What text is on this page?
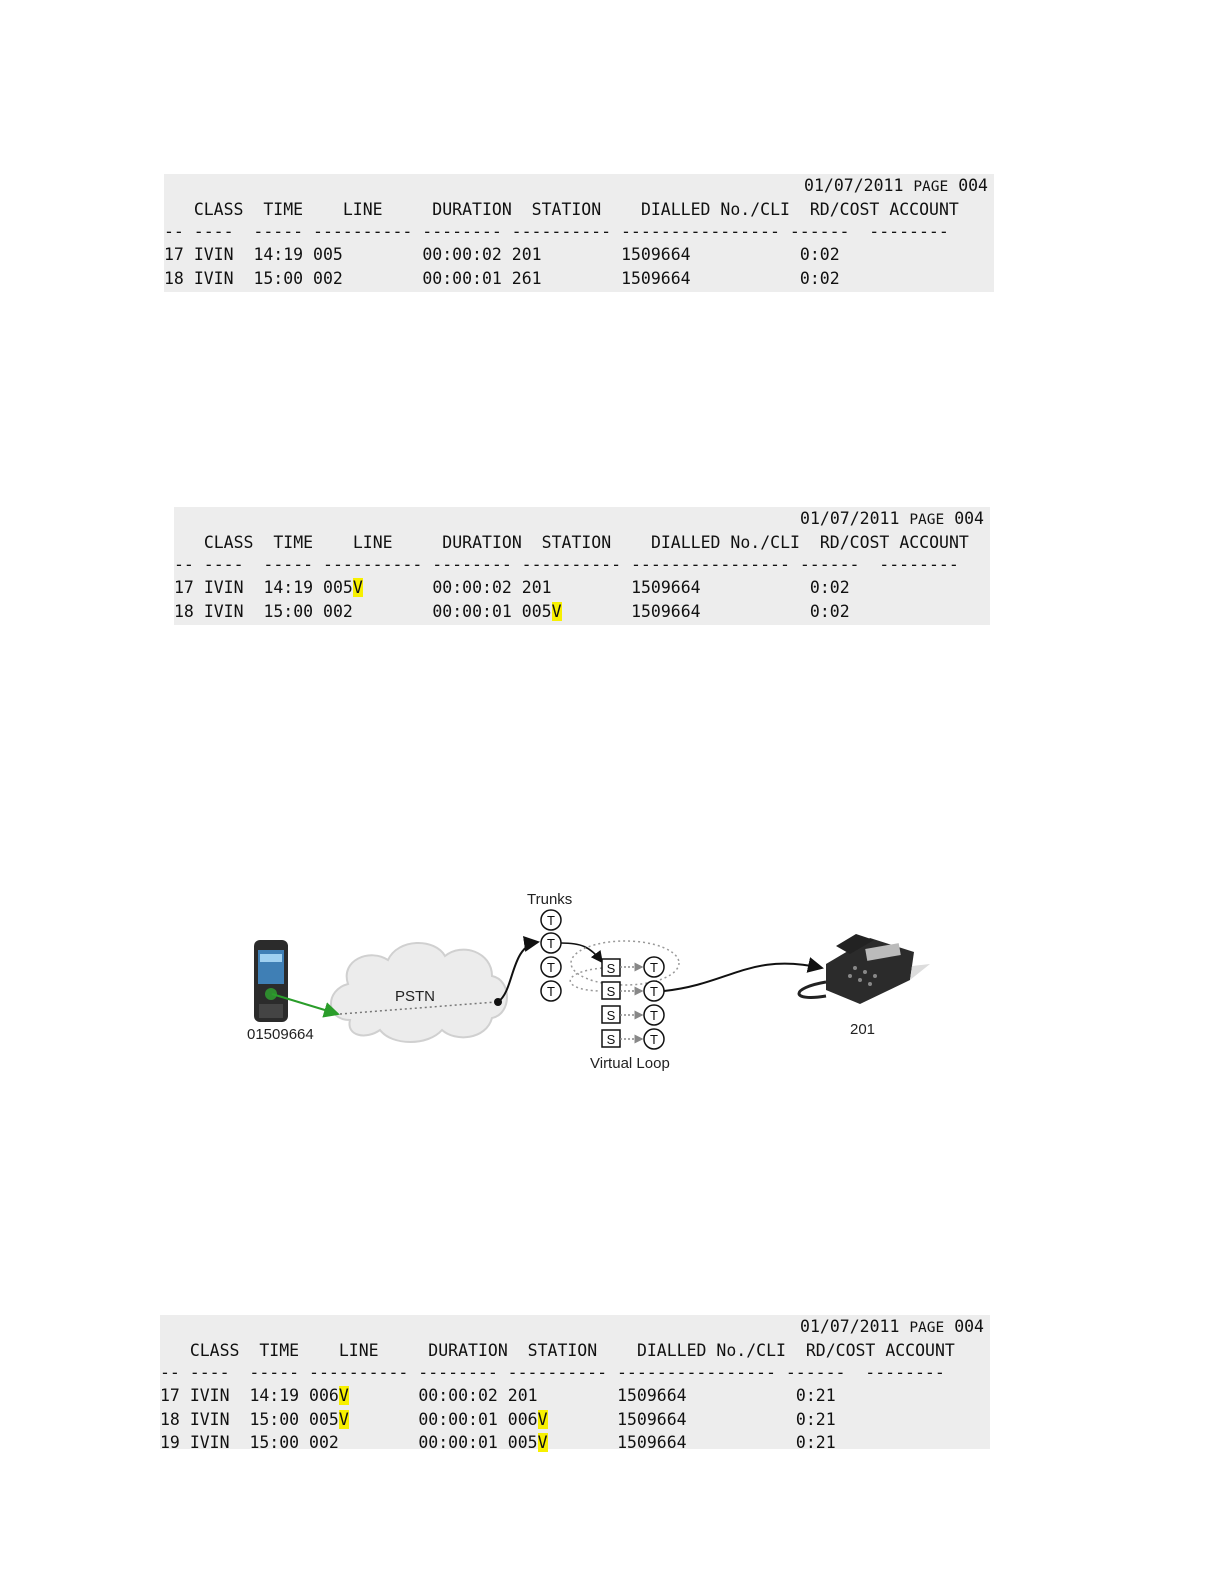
01/07/2011 PAGE 004
CLASS TIME LINE	DURATION STATION DIALLED No./CLI RD/COST ACCOUNT
-- ----  ----- ---------- -------- ---------- ---------------- ------  --------
17 IVIN 14:19 005	00:00:02 201	1509664	0:02
18 IVIN 15:00 002	00:00:01 261	1509664	0:02
01/07/2011 PAGE 004
CLASS TIME LINE	DURATION STATION DIALLED No./CLI RD/COST ACCOUNT
-- ----  ----- ---------- -------- ---------- ---------------- ------  --------
17 IVIN 14:19 005V	00:00:02 201	1509664	0:02
18 IVIN 15:00 002	00:00:01 005V	1509664	0:02
01/07/2011 PAGE 004
CLASS TIME LINE	DURATION STATION DIALLED No./CLI RD/COST ACCOUNT
-- ----  ----- ---------- -------- ---------- ---------------- ------  --------
17 IVIN 14:19 006V	00:00:02 201	1509664	0:21
18 IVIN 15:00 005V	00:00:01 006V	1509664	0:21
19 IVIN 15:00 002	00:00:01 005V	1509664	0:21
01509664
PSTN
Trunks
T
T
T
T
S	T
S	T
S	T
S	T
Virtual Loop
201
